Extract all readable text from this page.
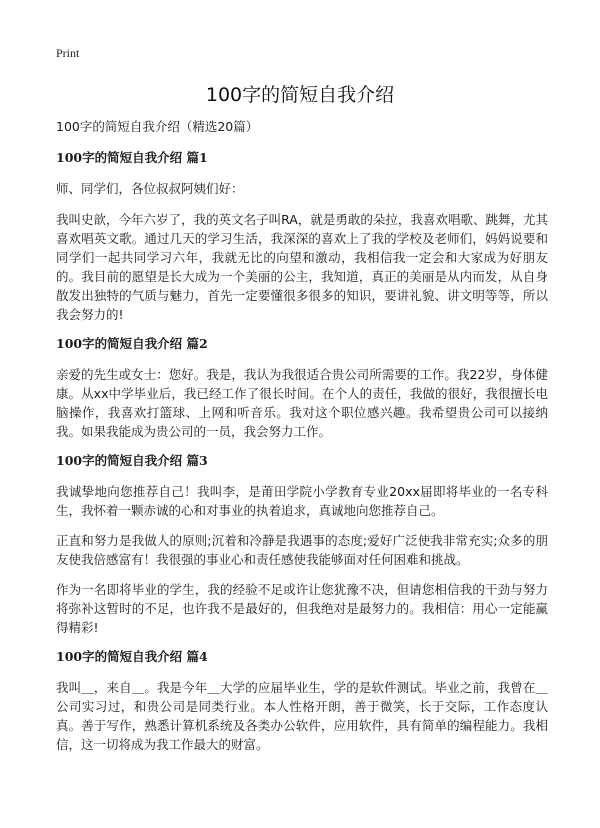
Print
100字的简短自我介绍

100字的简短自我介绍（精选20篇）

100字的简短自我介绍 篇1

师、同学们，各位叔叔阿姨们好：

我叫史歆，今年六岁了，我的英文名子叫RA，就是勇敢的朵拉，我喜欢唱歌、跳舞，尤其喜欢唱英文歌。通过几天的学习生活，我深深的喜欢上了我的学校及老师们，妈妈说要和同学们一起共同学习六年，我就无比的向望和激动，我相信我一定会和大家成为好朋友的。我目前的愿望是长大成为一个美丽的公主，我知道，真正的美丽是从内而发，从自身散发出独特的气质与魅力，首先一定要懂很多很多的知识，要讲礼貌、讲文明等等，所以我会努力的!

100字的简短自我介绍 篇2

亲爱的先生或女士：您好。我是，我认为我很适合贵公司所需要的工作。我22岁，身体健康。从xx中学毕业后，我已经工作了很长时间。在个人的责任，我做的很好，我很擅长电脑操作，我喜欢打篮球、上网和听音乐。我对这个职位感兴趣。我希望贵公司可以接纳我。如果我能成为贵公司的一员，我会努力工作。

100字的简短自我介绍 篇3

我诚挚地向您推荐自己！我叫李，是莆田学院小学教育专业20xx届即将毕业的一名专科生，我怀着一颗赤诚的心和对事业的执着追求，真诚地向您推荐自己。

正直和努力是我做人的原则;沉着和冷静是我遇事的态度;爱好广泛使我非常充实;众多的朋友使我倍感富有！我很强的事业心和责任感使我能够面对任何困难和挑战。

作为一名即将毕业的学生，我的经验不足或许让您犹豫不决，但请您相信我的干劲与努力将弥补这暂时的不足，也许我不是最好的，但我绝对是最努力的。我相信：用心一定能赢得精彩!

100字的简短自我介绍 篇4

我叫＿，来自＿。我是今年＿大学的应届毕业生，学的是软件测试。毕业之前，我曾在＿公司实习过，和贵公司是同类行业。本人性格开朗，善于微笑，长于交际，工作态度认真。善于写作，熟悉计算机系统及各类办公软件，应用软件，具有简单的编程能力。我相信，这一切将成为我工作最大的财富。
